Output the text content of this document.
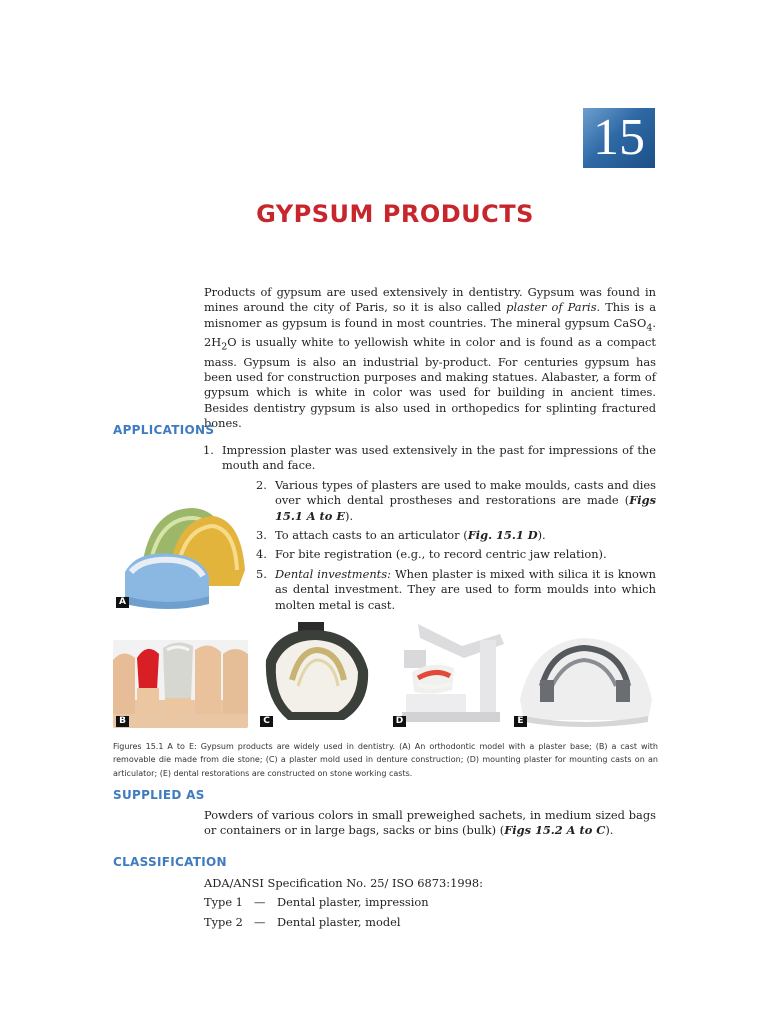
15
GYPSUM PRODUCTS
Products of gypsum are used extensively in dentistry. Gypsum was found in mines around the city of Paris, so it is also called plaster of Paris. This is a misnomer as gypsum is found in most countries. The mineral gypsum CaSO$_4$. $2H_2O$ is usually white to yellowish white in color and is found as a compact mass. Gypsum is also an industrial by-product. For centuries gypsum has been used for construction purposes and making statues. Alabaster, a form of gypsum which is white in color was used for building in ancient times. Besides dentistry gypsum is also used in orthopedics for splinting fractured bones.
APPLICATIONS
1. Impression plaster was used extensively in the past for impressions of the mouth and face.
2. Various types of plasters are used to make moulds, casts and dies over which dental prostheses and restorations are made (Figs 15.1 A to E).
3. To attach casts to an articulator (Fig. 15.1 D).
4. For bite registration (e.g., to record centric jaw relation).
5. Dental investments: When plaster is mixed with silica it is known as dental investment. They are used to form moulds into which molten metal is cast.
A
B	C	D	E
Figures 15.1 A to E: Gypsum products are widely used in dentistry. (A) An orthodontic model with a plaster base; (B) a cast with removable die made from die stone; (C) a plaster mold used in denture construction; (D) mounting plaster for mounting casts on an articulator; (E) dental restorations are constructed on stone working casts.
SUPPLIED AS
Powders of various colors in small preweighed sachets, in medium sized bags or containers or in large bags, sacks or bins (bulk) (Figs 15.2 A to C).
CLASSIFICATION
ADA/ANSI Specification No. 25/ ISO 6873:1998:
Type 1 — Dental plaster, impression
Type 2 — Dental plaster, model
